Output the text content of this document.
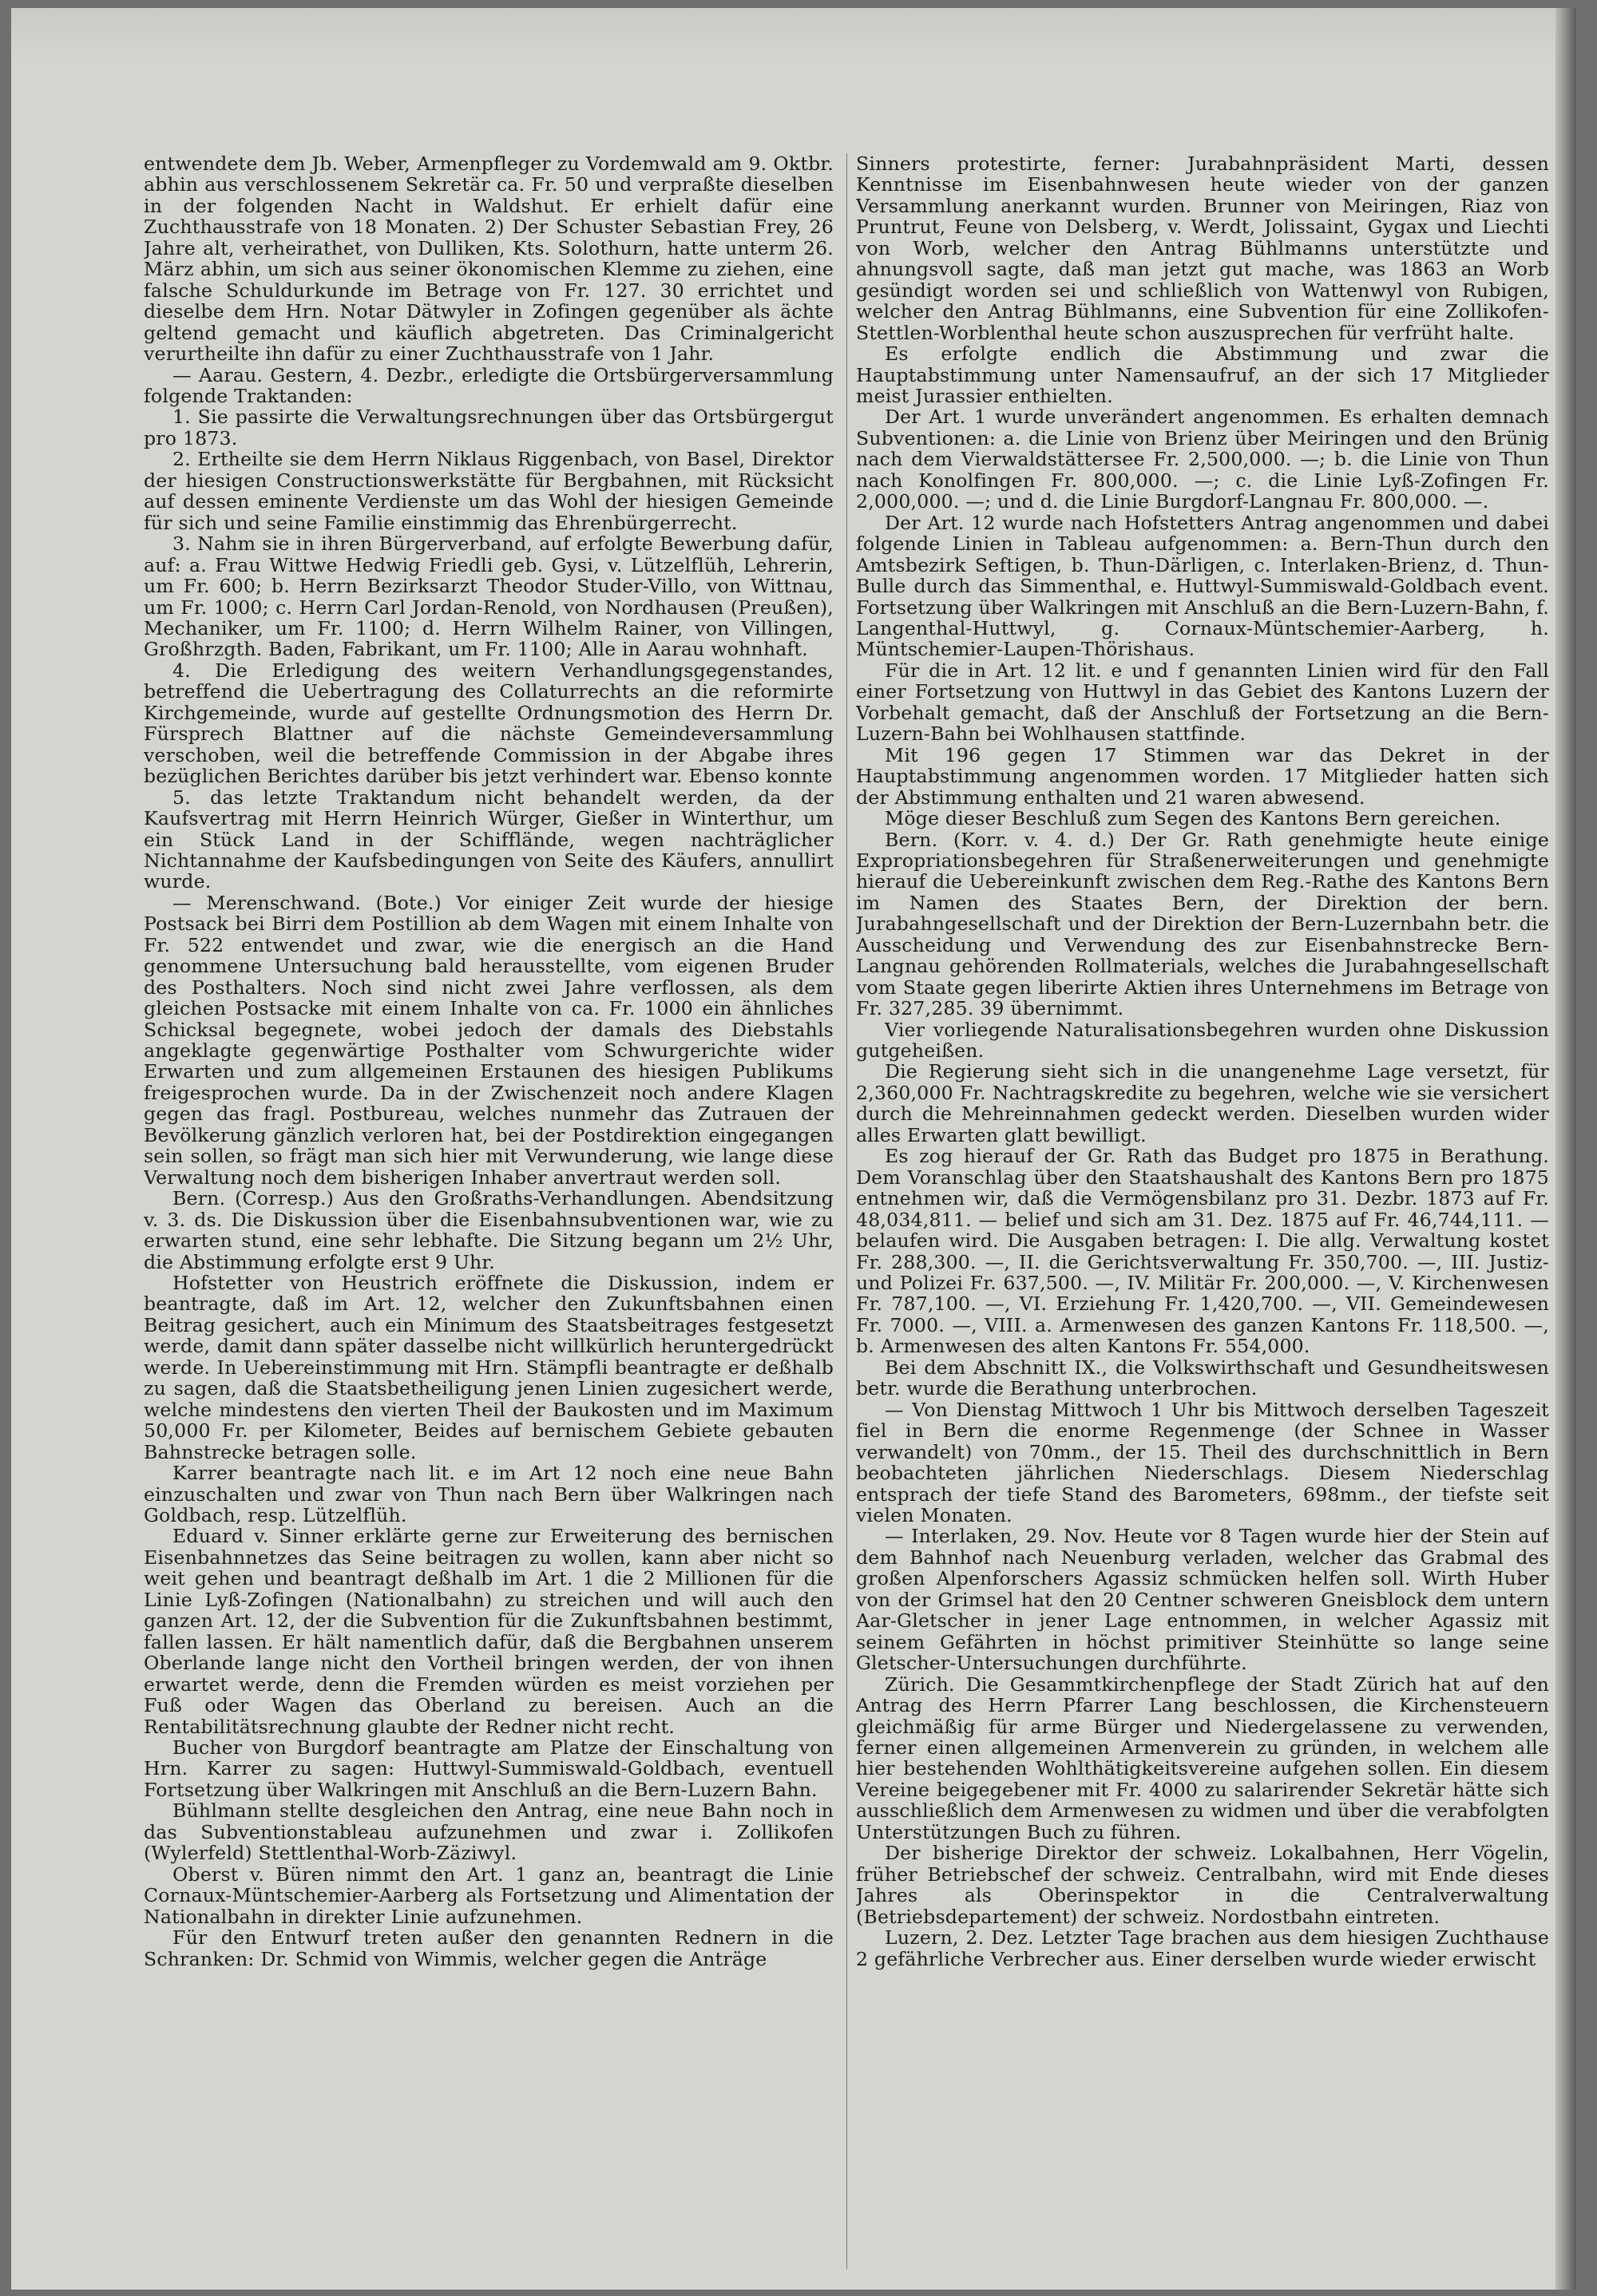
entwendete dem Jb. Weber, Armenpfleger zu Vordemwald am 9. Oktbr. abhin aus verschlossenem Sekretär ca. Fr. 50 und verpraßte dieselben in der folgenden Nacht in Waldshut. Er erhielt dafür eine Zuchthausstrafe von 18 Monaten. 2) Der Schuster Sebastian Frey, 26 Jahre alt, verheirathet, von Dulliken, Kts. Solothurn, hatte unterm 26. März abhin, um sich aus seiner ökonomischen Klemme zu ziehen, eine falsche Schuldurkunde im Betrage von Fr. 127. 30 errichtet und dieselbe dem Hrn. Notar Dätwyler in Zofingen gegenüber als ächte geltend gemacht und käuflich abgetreten. Das Criminalgericht verurtheilte ihn dafür zu einer Zuchthausstrafe von 1 Jahr.

— Aarau. Gestern, 4. Dezbr., erledigte die Ortsbürgerversammlung folgende Traktanden:

1. Sie passirte die Verwaltungsrechnungen über das Ortsbürgergut pro 1873.

2. Ertheilte sie dem Herrn Niklaus Riggenbach, von Basel, Direktor der hiesigen Constructionswerkstätte für Bergbahnen, mit Rücksicht auf dessen eminente Verdienste um das Wohl der hiesigen Gemeinde für sich und seine Familie einstimmig das Ehrenbürgerrecht.

3. Nahm sie in ihren Bürgerverband, auf erfolgte Bewerbung dafür, auf: a. Frau Wittwe Hedwig Friedli geb. Gysi, v. Lützelflüh, Lehrerin, um Fr. 600; b. Herrn Bezirksarzt Theodor Studer-Villo, von Wittnau, um Fr. 1000; c. Herrn Carl Jordan-Renold, von Nordhausen (Preußen), Mechaniker, um Fr. 1100; d. Herrn Wilhelm Rainer, von Villingen, Großhrzgth. Baden, Fabrikant, um Fr. 1100; Alle in Aarau wohnhaft.

4. Die Erledigung des weitern Verhandlungsgegenstandes, betreffend die Uebertragung des Collaturrechts an die reformirte Kirchgemeinde, wurde auf gestellte Ordnungsmotion des Herrn Dr. Fürsprech Blattner auf die nächste Gemeindeversammlung verschoben, weil die betreffende Commission in der Abgabe ihres bezüglichen Berichtes darüber bis jetzt verhindert war. Ebenso konnte

5. das letzte Traktandum nicht behandelt werden, da der Kaufsvertrag mit Herrn Heinrich Würger, Gießer in Winterthur, um ein Stück Land in der Schifflände, wegen nachträglicher Nichtannahme der Kaufsbedingungen von Seite des Käufers, annullirt wurde.

— Merenschwand. (Bote.) Vor einiger Zeit wurde der hiesige Postsack bei Birri dem Postillion ab dem Wagen mit einem Inhalte von Fr. 522 entwendet und zwar, wie die energisch an die Hand genommene Untersuchung bald herausstellte, vom eigenen Bruder des Posthalters. Noch sind nicht zwei Jahre verflossen, als dem gleichen Postsacke mit einem Inhalte von ca. Fr. 1000 ein ähnliches Schicksal begegnete, wobei jedoch der damals des Diebstahls angeklagte gegenwärtige Posthalter vom Schwurgerichte wider Erwarten und zum allgemeinen Erstaunen des hiesigen Publikums freigesprochen wurde. Da in der Zwischenzeit noch andere Klagen gegen das fragl. Postbureau, welches nunmehr das Zutrauen der Bevölkerung gänzlich verloren hat, bei der Postdirektion eingegangen sein sollen, so frägt man sich hier mit Verwunderung, wie lange diese Verwaltung noch dem bisherigen Inhaber anvertraut werden soll.

Bern. (Corresp.) Aus den Großraths-Verhandlungen. Abendsitzung v. 3. ds. Die Diskussion über die Eisenbahnsubventionen war, wie zu erwarten stund, eine sehr lebhafte. Die Sitzung begann um 2½ Uhr, die Abstimmung erfolgte erst 9 Uhr.

Hofstetter von Heustrich eröffnete die Diskussion, indem er beantragte, daß im Art. 12, welcher den Zukunftsbahnen einen Beitrag gesichert, auch ein Minimum des Staatsbeitrages festgesetzt werde, damit dann später dasselbe nicht willkürlich heruntergedrückt werde. In Uebereinstimmung mit Hrn. Stämpfli beantragte er deßhalb zu sagen, daß die Staatsbetheiligung jenen Linien zugesichert werde, welche mindestens den vierten Theil der Baukosten und im Maximum 50,000 Fr. per Kilometer, Beides auf bernischem Gebiete gebauten Bahnstrecke betragen solle.

Karrer beantragte nach lit. e im Art 12 noch eine neue Bahn einzuschalten und zwar von Thun nach Bern über Walkringen nach Goldbach, resp. Lützelflüh.

Eduard v. Sinner erklärte gerne zur Erweiterung des bernischen Eisenbahnnetzes das Seine beitragen zu wollen, kann aber nicht so weit gehen und beantragt deßhalb im Art. 1 die 2 Millionen für die Linie Lyß-Zofingen (Nationalbahn) zu streichen und will auch den ganzen Art. 12, der die Subvention für die Zukunftsbahnen bestimmt, fallen lassen. Er hält namentlich dafür, daß die Bergbahnen unserem Oberlande lange nicht den Vortheil bringen werden, der von ihnen erwartet werde, denn die Fremden würden es meist vorziehen per Fuß oder Wagen das Oberland zu bereisen. Auch an die Rentabilitätsrechnung glaubte der Redner nicht recht.

Bucher von Burgdorf beantragte am Platze der Einschaltung von Hrn. Karrer zu sagen: Huttwyl-Summiswald-Goldbach, eventuell Fortsetzung über Walkringen mit Anschluß an die Bern-Luzern Bahn.

Bühlmann stellte desgleichen den Antrag, eine neue Bahn noch in das Subventionstableau aufzunehmen und zwar i. Zollikofen (Wylerfeld) Stettlenthal-Worb-Zäziwyl.

Oberst v. Büren nimmt den Art. 1 ganz an, beantragt die Linie Cornaux-Müntschemier-Aarberg als Fortsetzung und Alimentation der Nationalbahn in direkter Linie aufzunehmen.

Für den Entwurf treten außer den genannten Rednern in die Schranken: Dr. Schmid von Wimmis, welcher gegen die Anträge

Sinners protestirte, ferner: Jurabahnpräsident Marti, dessen Kenntnisse im Eisenbahnwesen heute wieder von der ganzen Versammlung anerkannt wurden. Brunner von Meiringen, Riaz von Pruntrut, Feune von Delsberg, v. Werdt, Jolissaint, Gygax und Liechti von Worb, welcher den Antrag Bühlmanns unterstützte und ahnungsvoll sagte, daß man jetzt gut mache, was 1863 an Worb gesündigt worden sei und schließlich von Wattenwyl von Rubigen, welcher den Antrag Bühlmanns, eine Subvention für eine Zollikofen-Stettlen-Worblenthal heute schon auszusprechen für verfrüht halte.

Es erfolgte endlich die Abstimmung und zwar die Hauptabstimmung unter Namensaufruf, an der sich 17 Mitglieder meist Jurassier enthielten.

Der Art. 1 wurde unverändert angenommen. Es erhalten demnach Subventionen: a. die Linie von Brienz über Meiringen und den Brünig nach dem Vierwaldstättersee Fr. 2,500,000. —; b. die Linie von Thun nach Konolfingen Fr. 800,000. —; c. die Linie Lyß-Zofingen Fr. 2,000,000. —; und d. die Linie Burgdorf-Langnau Fr. 800,000. —.

Der Art. 12 wurde nach Hofstetters Antrag angenommen und dabei folgende Linien in Tableau aufgenommen: a. Bern-Thun durch den Amtsbezirk Seftigen, b. Thun-Därligen, c. Interlaken-Brienz, d. Thun-Bulle durch das Simmenthal, e. Huttwyl-Summiswald-Goldbach event. Fortsetzung über Walkringen mit Anschluß an die Bern-Luzern-Bahn, f. Langenthal-Huttwyl, g. Cornaux-Müntschemier-Aarberg, h. Müntschemier-Laupen-Thörishaus.

Für die in Art. 12 lit. e und f genannten Linien wird für den Fall einer Fortsetzung von Huttwyl in das Gebiet des Kantons Luzern der Vorbehalt gemacht, daß der Anschluß der Fortsetzung an die Bern-Luzern-Bahn bei Wohlhausen stattfinde.

Mit 196 gegen 17 Stimmen war das Dekret in der Hauptabstimmung angenommen worden. 17 Mitglieder hatten sich der Abstimmung enthalten und 21 waren abwesend.

Möge dieser Beschluß zum Segen des Kantons Bern gereichen.

Bern. (Korr. v. 4. d.) Der Gr. Rath genehmigte heute einige Expropriationsbegehren für Straßenerweiterungen und genehmigte hierauf die Uebereinkunft zwischen dem Reg.-Rathe des Kantons Bern im Namen des Staates Bern, der Direktion der bern. Jurabahngesellschaft und der Direktion der Bern-Luzernbahn betr. die Ausscheidung und Verwendung des zur Eisenbahnstrecke Bern-Langnau gehörenden Rollmaterials, welches die Jurabahngesellschaft vom Staate gegen liberirte Aktien ihres Unternehmens im Betrage von Fr. 327,285. 39 übernimmt.

Vier vorliegende Naturalisationsbegehren wurden ohne Diskussion gutgeheißen.

Die Regierung sieht sich in die unangenehme Lage versetzt, für 2,360,000 Fr. Nachtragskredite zu begehren, welche wie sie versichert durch die Mehreinnahmen gedeckt werden. Dieselben wurden wider alles Erwarten glatt bewilligt.

Es zog hierauf der Gr. Rath das Budget pro 1875 in Berathung. Dem Voranschlag über den Staatshaushalt des Kantons Bern pro 1875 entnehmen wir, daß die Vermögensbilanz pro 31. Dezbr. 1873 auf Fr. 48,034,811. — belief und sich am 31. Dez. 1875 auf Fr. 46,744,111. — belaufen wird. Die Ausgaben betragen: I. Die allg. Verwaltung kostet Fr. 288,300. —, II. die Gerichtsverwaltung Fr. 350,700. —, III. Justiz- und Polizei Fr. 637,500. —, IV. Militär Fr. 200,000. —, V. Kirchenwesen Fr. 787,100. —, VI. Erziehung Fr. 1,420,700. —, VII. Gemeindewesen Fr. 7000. —, VIII. a. Armenwesen des ganzen Kantons Fr. 118,500. —, b. Armenwesen des alten Kantons Fr. 554,000.

Bei dem Abschnitt IX., die Volkswirthschaft und Gesundheitswesen betr. wurde die Berathung unterbrochen.

— Von Dienstag Mittwoch 1 Uhr bis Mittwoch derselben Tageszeit fiel in Bern die enorme Regenmenge (der Schnee in Wasser verwandelt) von 70mm., der 15. Theil des durchschnittlich in Bern beobachteten jährlichen Niederschlags. Diesem Niederschlag entsprach der tiefe Stand des Barometers, 698mm., der tiefste seit vielen Monaten.

— Interlaken, 29. Nov. Heute vor 8 Tagen wurde hier der Stein auf dem Bahnhof nach Neuenburg verladen, welcher das Grabmal des großen Alpenforschers Agassiz schmücken helfen soll. Wirth Huber von der Grimsel hat den 20 Centner schweren Gneisblock dem untern Aar-Gletscher in jener Lage entnommen, in welcher Agassiz mit seinem Gefährten in höchst primitiver Steinhütte so lange seine Gletscher-Untersuchungen durchführte.

Zürich. Die Gesammtkirchenpflege der Stadt Zürich hat auf den Antrag des Herrn Pfarrer Lang beschlossen, die Kirchensteuern gleichmäßig für arme Bürger und Niedergelassene zu verwenden, ferner einen allgemeinen Armenverein zu gründen, in welchem alle hier bestehenden Wohlthätigkeitsvereine aufgehen sollen. Ein diesem Vereine beigegebener mit Fr. 4000 zu salarirender Sekretär hätte sich ausschließlich dem Armenwesen zu widmen und über die verabfolgten Unterstützungen Buch zu führen.

Der bisherige Direktor der schweiz. Lokalbahnen, Herr Vögelin, früher Betriebschef der schweiz. Centralbahn, wird mit Ende dieses Jahres als Oberinspektor in die Centralverwaltung (Betriebsdepartement) der schweiz. Nordostbahn eintreten.

Luzern, 2. Dez. Letzter Tage brachen aus dem hiesigen Zuchthause 2 gefährliche Verbrecher aus. Einer derselben wurde wieder erwischt
